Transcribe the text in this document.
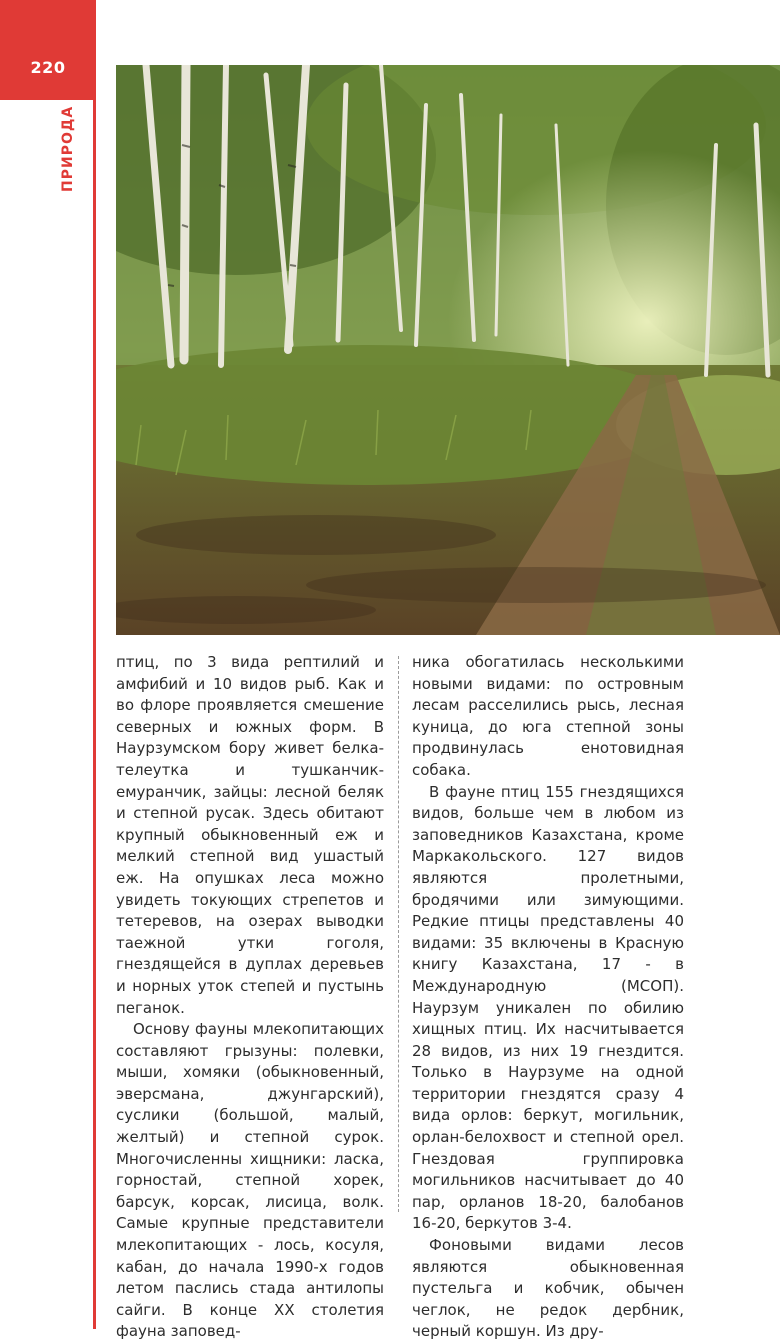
220
ПРИРОДА

птиц, по 3 вида рептилий и амфибий и 10 видов рыб. Как и во флоре проявляется смешение северных и южных форм. В Наурзумском бору живет белка-телеутка и тушканчик-емуранчик, зайцы: лесной беляк и степной русак. Здесь обитают крупный обыкновенный еж и мелкий степной вид ушастый еж. На опушках леса можно увидеть токующих стрепетов и тетеревов, на озерах выводки таежной утки гоголя, гнездящейся в дуплах деревьев и норных уток степей и пустынь пеганок.

Основу фауны млекопитающих составляют грызуны: полевки, мыши, хомяки (обыкновенный, эверсмана, джунгарский), суслики (большой, малый, желтый) и степной сурок. Многочисленны хищники: ласка, горностай, степной хорек, барсук, корсак, лисица, волк. Самые крупные представители млекопитающих - лось, косуля, кабан, до начала 1990-х годов летом паслись стада антилопы сайги. В конце XX столетия фауна заповед-

ника обогатилась несколькими новыми видами: по островным лесам расселились рысь, лесная куница, до юга степной зоны продвинулась енотовидная собака.

В фауне птиц 155 гнездящихся видов, больше чем в любом из заповедников Казахстана, кроме Маркакольского. 127 видов являются пролетными, бродячими или зимующими. Редкие птицы представлены 40 видами: 35 включены в Красную книгу Казахстана, 17 - в Международную (МСОП). Наурзум уникален по обилию хищных птиц. Их насчитывается 28 видов, из них 19 гнездится. Только в Наурзуме на одной территории гнездятся сразу 4 вида орлов: беркут, могильник, орлан-белохвост и степной орел. Гнездовая группировка могильников насчитывает до 40 пар, орланов 18-20, балобанов 16-20, беркутов 3-4.

Фоновыми видами лесов являются обыкновенная пустельга и кобчик, обычен чеглок, не редок дербник, черный коршун. Из дру-
